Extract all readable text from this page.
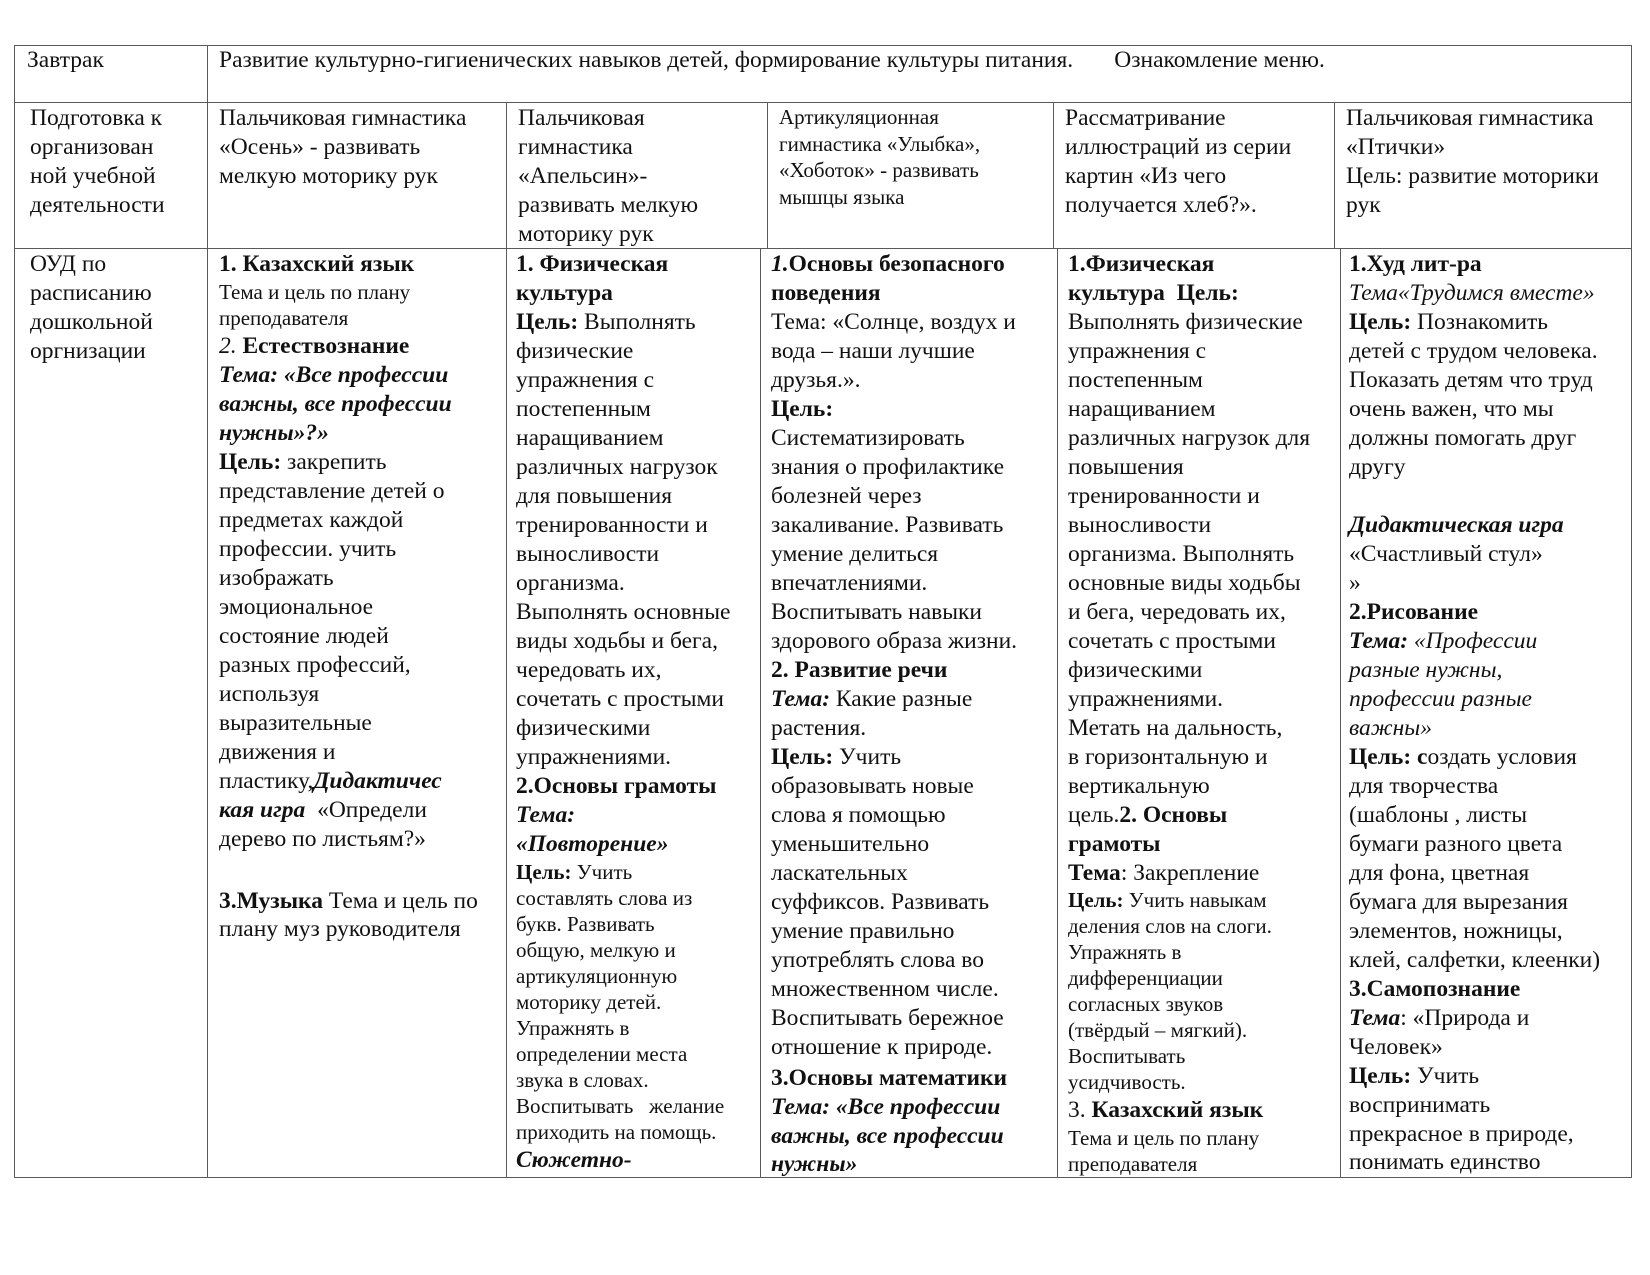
Завтрак	Развитие культурно-гигиенических навыков детей, формирование культуры питания.       Ознакомление меню.
Подготовка к
организован
ной учебной
деятельности
Пальчиковая гимнастика
«Осень» - развивать
мелкую моторику рук
Пальчиковая
гимнастика
«Апельсин»-
развивать мелкую
моторику рук
Артикуляционная
гимнастика «Улыбка»,
«Хоботок» - развивать
мышцы языка
Рассматривание
иллюстраций из серии
картин «Из чего
получается хлеб?».
Пальчиковая гимнастика
«Птички»
Цель: развитие моторики
рук
ОУД по
расписанию
дошкольной
оргнизации
1. Казахский язык
Тема и цель по плану
преподавателя
2. Естествознание
Тема: «Все профессии
важны, все профессии
нужны»?»
Цель: закрепить
представление детей о
предметах каждой
профессии. учить
изображать
эмоциональное
состояние людей
разных профессий,
используя
выразительные
движения и
пластику,Дидактичес
кая игра  «Определи
дерево по листьям?»
3.Музыка Тема и цель по
плану муз руководителя
1. Физическая
культура
Цель: Выполнять
физические
упражнения с
постепенным
наращиванием
различных нагрузок
для повышения
тренированности и
выносливости
организма.
Выполнять основные
виды ходьбы и бега,
чередовать их,
сочетать с простыми
физическими
упражнениями.
2.Основы грамоты
Тема:
«Повторение»
Цель: Учить
составлять слова из
букв. Развивать
общую, мелкую и
артикуляционную
моторику детей.
Упражнять в
определении места
звука в словах.
Воспитывать   желание
приходить на помощь.
Сюжетно-
1.Основы безопасного
поведения
Тема: «Солнце, воздух и
вода – наши лучшие
друзья.».
Цель:
Систематизировать
знания о профилактике
болезней через
закаливание. Развивать
умение делиться
впечатлениями.
Воспитывать навыки
здорового образа жизни.
2. Развитие речи
Тема: Какие разные
растения.
Цель: Учить
образовывать новые
слова я помощью
уменьшительно
ласкательных
суффиксов. Развивать
умение правильно
употреблять слова во
множественном числе.
Воспитывать бережное
отношение к природе.
3.Основы математики
Тема: «Все профессии
важны, все профессии
нужны»
1.Физическая
культура  Цель:
Выполнять физические
упражнения с
постепенным
наращиванием
различных нагрузок для
повышения
тренированности и
выносливости
организма. Выполнять
основные виды ходьбы
и бега, чередовать их,
сочетать с простыми
физическими
упражнениями.
Метать на дальность,
в горизонтальную и
вертикальную
цель.2. Основы
грамоты
Тема: Закрепление
Цель: Учить навыкам
деления слов на слоги.
Упражнять в
дифференциации
согласных звуков
(твёрдый – мягкий).
Воспитывать
усидчивость.
3. Казахский язык
Тема и цель по плану
преподавателя
1.Худ лит-ра
Тема«Трудимся вместе»
Цель: Познакомить
детей с трудом человека.
Показать детям что труд
очень важен, что мы
должны помогать друг
другу
Дидактическая игра
«Счастливый стул»
»
2.Рисование
Тема: «Профессии
разные нужны,
профессии разные
важны»
Цель: создать условия
для творчества
(шаблоны , листы
бумаги разного цвета
для фона, цветная
бумага для вырезания
элементов, ножницы,
клей, салфетки, клеенки)
3.Самопознание
Тема: «Природа и
Человек»
Цель: Учить
воспринимать
прекрасное в природе,
понимать единство
